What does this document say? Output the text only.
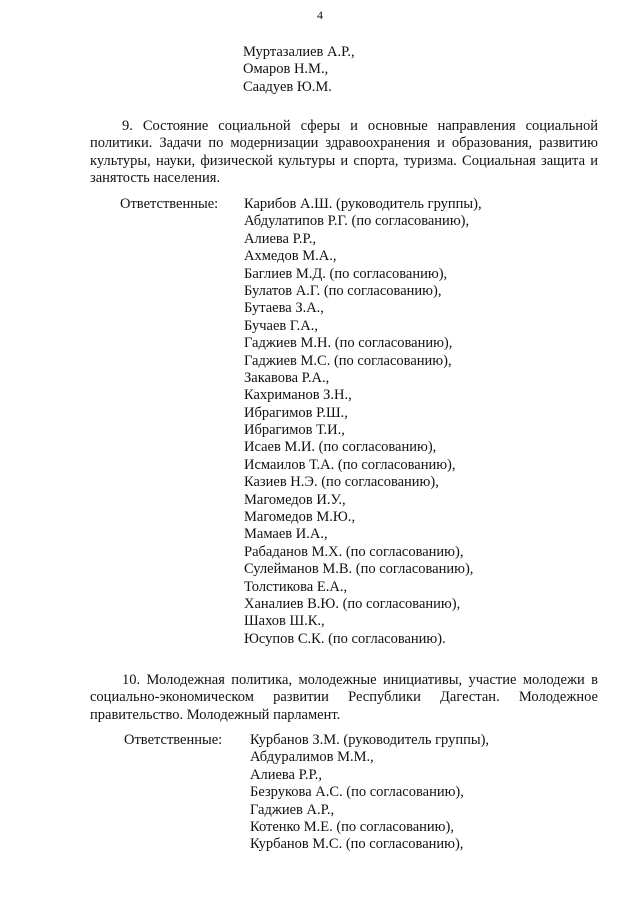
4
Муртазалиев А.Р.,
Омаров Н.М.,
Саадуев Ю.М.

9. Состояние социальной сферы и основные направления социальной политики. Задачи по модернизации здравоохранения и образования, развитию культуры, науки, физической культуры и спорта, туризма. Социальная защита и занятость населения.

Ответственные: Карибов А.Ш. (руководитель группы),
Абдулатипов Р.Г. (по согласованию),
Алиева Р.Р.,
Ахмедов М.А.,
Баглиев М.Д. (по согласованию),
Булатов А.Г. (по согласованию),
Бутаева З.А.,
Бучаев Г.А.,
Гаджиев М.Н. (по согласованию),
Гаджиев М.С. (по согласованию),
Закавова Р.А.,
Кахриманов З.Н.,
Ибрагимов Р.Ш.,
Ибрагимов Т.И.,
Исаев М.И. (по согласованию),
Исмаилов Т.А. (по согласованию),
Казиев Н.Э. (по согласованию),
Магомедов И.У.,
Магомедов М.Ю.,
Мамаев И.А.,
Рабаданов М.Х. (по согласованию),
Сулейманов М.В. (по согласованию),
Толстикова Е.А.,
Ханалиев В.Ю. (по согласованию),
Шахов Ш.К.,
Юсупов С.К. (по согласованию).

10. Молодежная политика, молодежные инициативы, участие молодежи в социально-экономическом развитии Республики Дагестан. Молодежное правительство. Молодежный парламент.

Ответственные: Курбанов З.М. (руководитель группы),
Абдуралимов М.М.,
Алиева Р.Р.,
Безрукова А.С. (по согласованию),
Гаджиев А.Р.,
Котенко М.Е. (по согласованию),
Курбанов М.С. (по согласованию),
